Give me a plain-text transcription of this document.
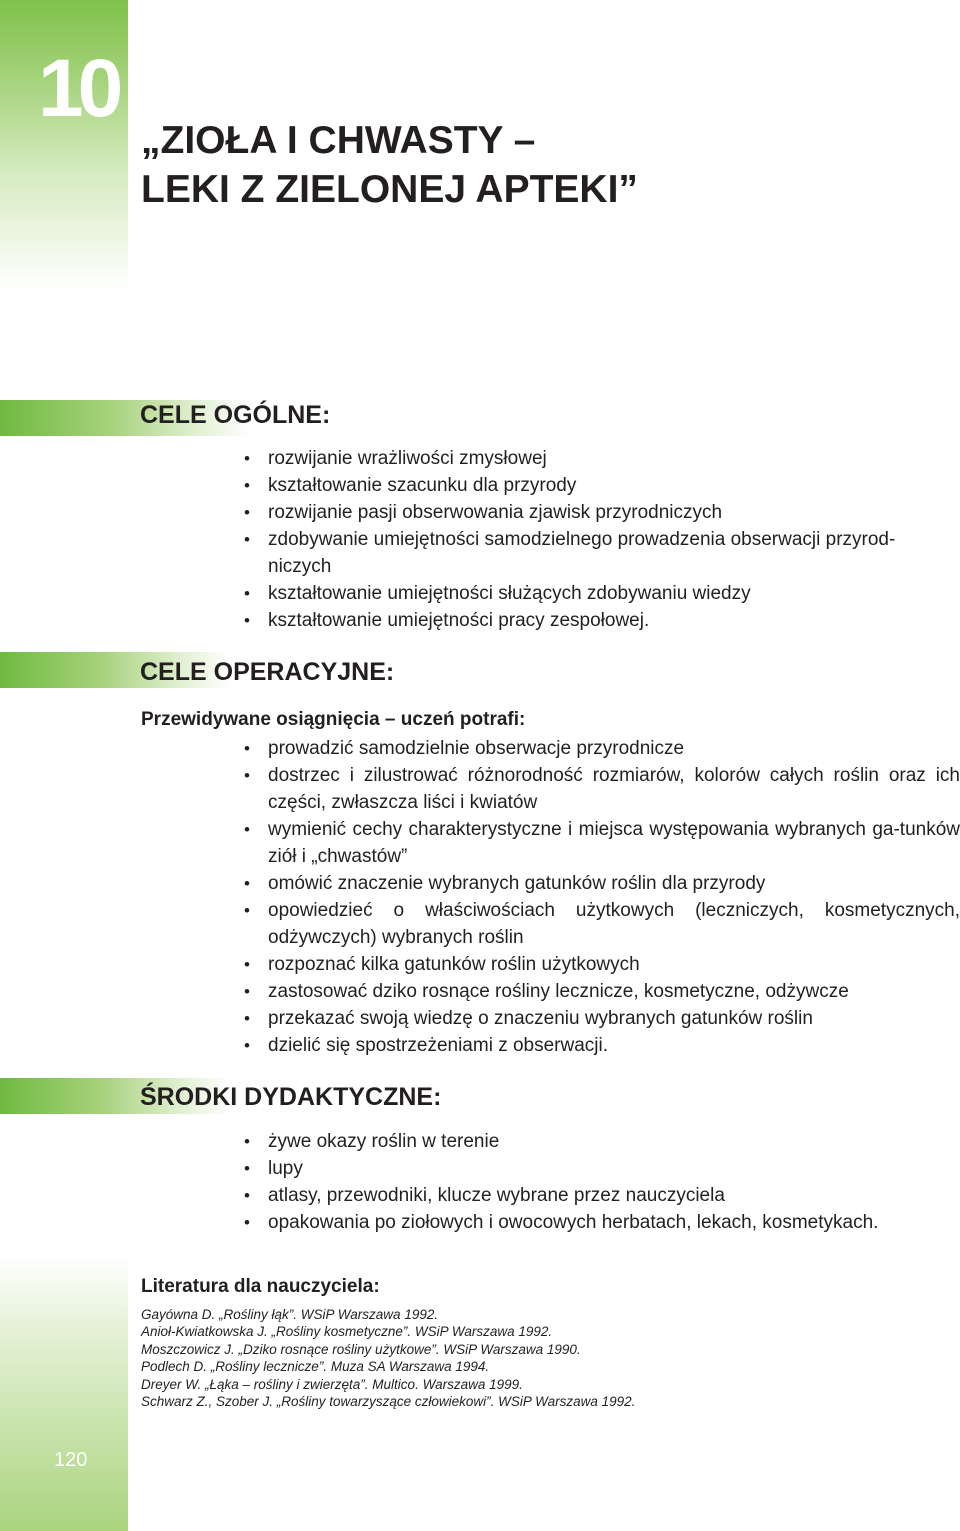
10
„ZIOŁA I CHWASTY –
LEKI Z ZIELONEJ APTEKI”
CELE OGÓLNE:
• rozwijanie wrażliwości zmysłowej
• kształtowanie szacunku dla przyrody
• rozwijanie pasji obserwowania zjawisk przyrodniczych
• zdobywanie umiejętności samodzielnego prowadzenia obserwacji przyrod-niczych
• kształtowanie umiejętności służących zdobywaniu wiedzy
• kształtowanie umiejętności pracy zespołowej.
CELE OPERACYJNE:
Przewidywane osiągnięcia – uczeń potrafi:
• prowadzić samodzielnie obserwacje przyrodnicze
• dostrzec i zilustrować różnorodność rozmiarów, kolorów całych roślin oraz ich części, zwłaszcza liści i kwiatów
• wymienić cechy charakterystyczne i miejsca występowania wybranych ga-tunków ziół i „chwastów”
• omówić znaczenie wybranych gatunków roślin dla przyrody
• opowiedzieć o właściwościach użytkowych (leczniczych, kosmetycznych, odżywczych) wybranych roślin
• rozpoznać kilka gatunków roślin użytkowych
• zastosować dziko rosnące rośliny lecznicze, kosmetyczne, odżywcze
• przekazać swoją wiedzę o znaczeniu wybranych gatunków roślin
• dzielić się spostrzeżeniami z obserwacji.
ŚRODKI DYDAKTYCZNE:
• żywe okazy roślin w terenie
• lupy
• atlasy, przewodniki, klucze wybrane przez nauczyciela
• opakowania po ziołowych i owocowych herbatach, lekach, kosmetykach.
Literatura dla nauczyciela:
Gayówna D. „Rośliny łąk”. WSiP Warszawa 1992.
Anioł-Kwiatkowska J. „Rośliny kosmetyczne”. WSiP Warszawa 1992.
Moszczowicz J. „Dziko rosnące rośliny użytkowe”. WSiP Warszawa 1990.
Podlech D. „Rośliny lecznicze”. Muza SA Warszawa 1994.
Dreyer W. „Łąka – rośliny i zwierzęta”. Multico. Warszawa 1999.
Schwarz Z., Szober J. „Rośliny towarzyszące człowiekowi”. WSiP Warszawa 1992.
120
